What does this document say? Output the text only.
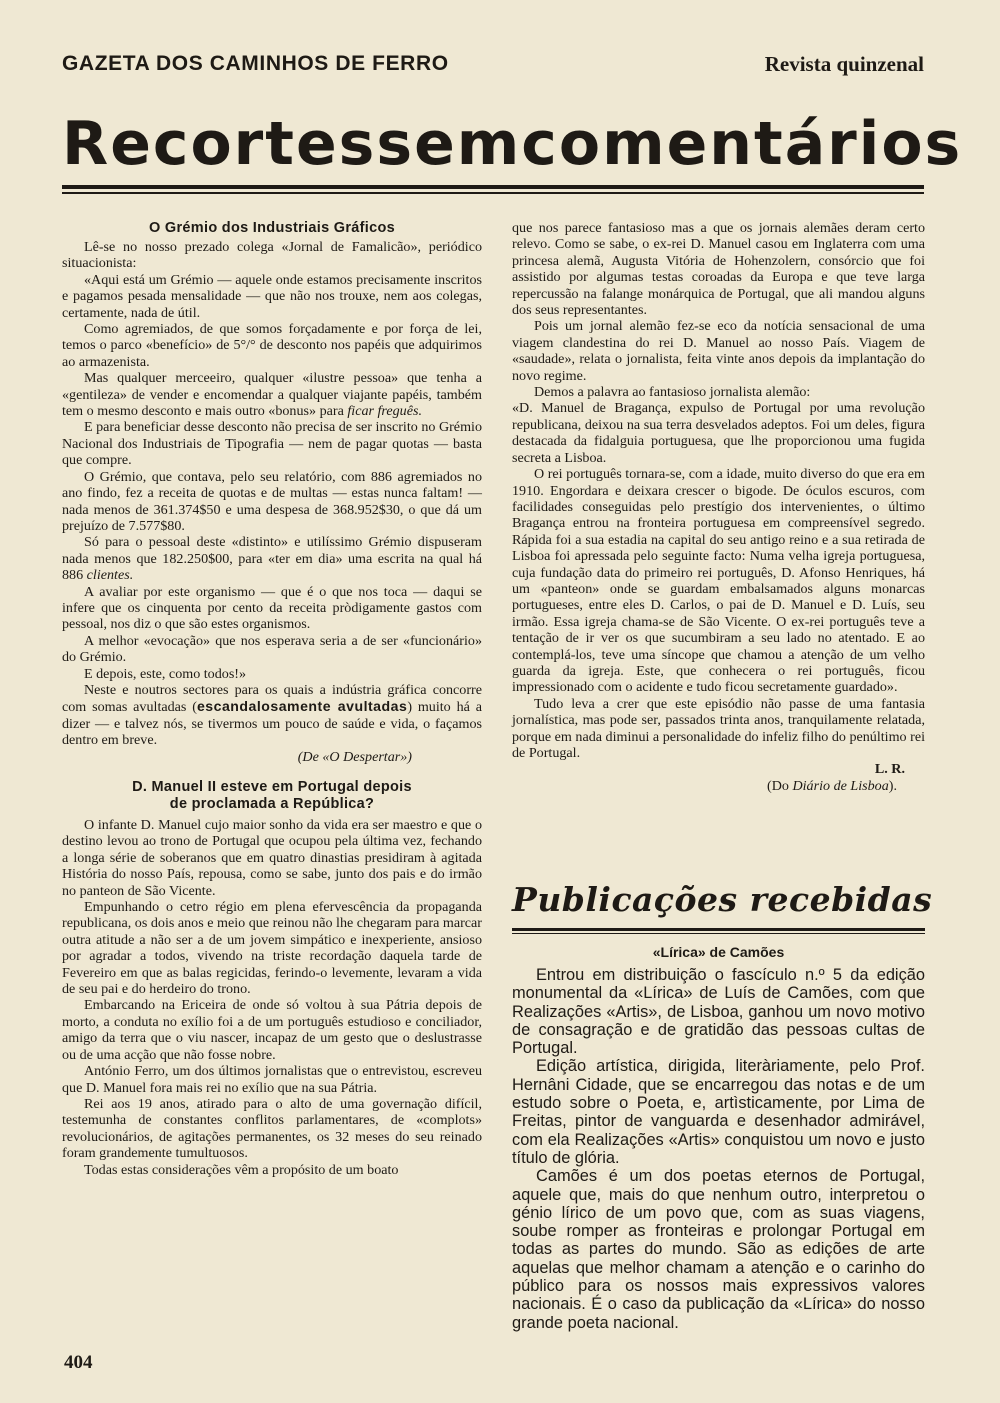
GAZETA DOS CAMINHOS DE FERRO	Revista quinzenal
Recortes sem comentários
O Grémio dos Industriais Gráficos

Lê-se no nosso prezado colega «Jornal de Famalicão», periódico situacionista:

«Aqui está um Grémio — aquele onde estamos precisamente inscritos e pagamos pesada mensalidade — que não nos trouxe, nem aos colegas, certamente, nada de útil.

Como agremiados, de que somos forçadamente e por força de lei, temos o parco «benefício» de 5°/° de desconto nos papéis que adquirimos ao armazenista.

Mas qualquer merceeiro, qualquer «ilustre pessoa» que tenha a «gentileza» de vender e encomendar a qualquer viajante papéis, também tem o mesmo desconto e mais outro «bonus» para ficar freguês.

E para beneficiar desse desconto não precisa de ser inscrito no Grémio Nacional dos Industriais de Tipografia — nem de pagar quotas — basta que compre.

O Grémio, que contava, pelo seu relatório, com 886 agremiados no ano findo, fez a receita de quotas e de multas — estas nunca faltam! — nada menos de 361.374$50 e uma despesa de 368.952$30, o que dá um prejuízo de 7.577$80.

Só para o pessoal deste «distinto» e utilíssimo Grémio dispuseram nada menos que 182.250$00, para «ter em dia» uma escrita na qual há 886 clientes.

A avaliar por este organismo — que é o que nos toca — daqui se infere que os cinquenta por cento da receita pròdigamente gastos com pessoal, nos diz o que são estes organismos.

A melhor «evocação» que nos esperava seria a de ser «funcionário» do Grémio.

E depois, este, como todos!»

Neste e noutros sectores para os quais a indústria gráfica concorre com somas avultadas (escandalosamente avultadas) muito há a dizer — e talvez nós, se tivermos um pouco de saúde e vida, o façamos dentro em breve.

(De «O Despertar»)
D. Manuel II esteve em Portugal depois
de proclamada a República?

O infante D. Manuel cujo maior sonho da vida era ser maestro e que o destino levou ao trono de Portugal que ocupou pela última vez, fechando a longa série de soberanos que em quatro dinastias presidiram à agitada História do nosso País, repousa, como se sabe, junto dos pais e do irmão no panteon de São Vicente.

Empunhando o cetro régio em plena efervescência da propaganda republicana, os dois anos e meio que reinou não lhe chegaram para marcar outra atitude a não ser a de um jovem simpático e inexperiente, ansioso por agradar a todos, vivendo na triste recordação daquela tarde de Fevereiro em que as balas regicidas, ferindo-o levemente, levaram a vida de seu pai e do herdeiro do trono.

Embarcando na Ericeira de onde só voltou à sua Pátria depois de morto, a conduta no exílio foi a de um português estudioso e conciliador, amigo da terra que o viu nascer, incapaz de um gesto que o deslustrasse ou de uma acção que não fosse nobre.

António Ferro, um dos últimos jornalistas que o entrevistou, escreveu que D. Manuel fora mais rei no exílio que na sua Pátria.

Rei aos 19 anos, atirado para o alto de uma governação difícil, testemunha de constantes conflitos parlamentares, de «complots» revolucionários, de agitações permanentes, os 32 meses do seu reinado foram grandemente tumultuosos.

Todas estas considerações vêm a propósito de um boato

que nos parece fantasioso mas a que os jornais alemães deram certo relevo. Como se sabe, o ex-rei D. Manuel casou em Inglaterra com uma princesa alemã, Augusta Vitória de Hohenzolern, consórcio que foi assistido por algumas testas coroadas da Europa e que teve larga repercussão na falange monárquica de Portugal, que ali mandou alguns dos seus representantes.

Pois um jornal alemão fez-se eco da notícia sensacional de uma viagem clandestina do rei D. Manuel ao nosso País. Viagem de «saudade», relata o jornalista, feita vinte anos depois da implantação do novo regime.

Demos a palavra ao fantasioso jornalista alemão:

«D. Manuel de Bragança, expulso de Portugal por uma revolução republicana, deixou na sua terra desvelados adeptos. Foi um deles, figura destacada da fidalguia portuguesa, que lhe proporcionou uma fugida secreta a Lisboa.

O rei português tornara-se, com a idade, muito diverso do que era em 1910. Engordara e deixara crescer o bigode. De óculos escuros, com facilidades conseguidas pelo prestígio dos intervenientes, o último Bragança entrou na fronteira portuguesa em compreensível segredo. Rápida foi a sua estadia na capital do seu antigo reino e a sua retirada de Lisboa foi apressada pelo seguinte facto: Numa velha igreja portuguesa, cuja fundação data do primeiro rei português, D. Afonso Henriques, há um «panteon» onde se guardam embalsamados alguns monarcas portugueses, entre eles D. Carlos, o pai de D. Manuel e D. Luís, seu irmão. Essa igreja chama-se de São Vicente. O ex-rei português teve a tentação de ir ver os que sucumbiram a seu lado no atentado. E ao contemplá-los, teve uma síncope que chamou a atenção de um velho guarda da igreja. Este, que conhecera o rei português, ficou impressionado com o acidente e tudo ficou secretamente guardado».

Tudo leva a crer que este episódio não passe de uma fantasia jornalística, mas pode ser, passados trinta anos, tranquilamente relatada, porque em nada diminui a personalidade do infeliz filho do penúltimo rei de Portugal.

L. R.
(Do Diário de Lisboa).
Publicações recebidas
«Lírica» de Camões

Entrou em distribuição o fascículo n.º 5 da edição monumental da «Lírica» de Luís de Camões, com que Realizações «Artis», de Lisboa, ganhou um novo motivo de consagração e de gratidão das pessoas cultas de Portugal.

Edição artística, dirigida, literàriamente, pelo Prof. Hernâni Cidade, que se encarregou das notas e de um estudo sobre o Poeta, e, artìsticamente, por Lima de Freitas, pintor de vanguarda e desenhador admirável, com ela Realizações «Artis» conquistou um novo e justo título de glória.

Camões é um dos poetas eternos de Portugal, aquele que, mais do que nenhum outro, interpretou o génio lírico de um povo que, com as suas viagens, soube romper as fronteiras e prolongar Portugal em todas as partes do mundo. São as edições de arte aquelas que melhor chamam a atenção e o carinho do público para os nossos mais expressivos valores nacionais. É o caso da publicação da «Lírica» do nosso grande poeta nacional.

404
